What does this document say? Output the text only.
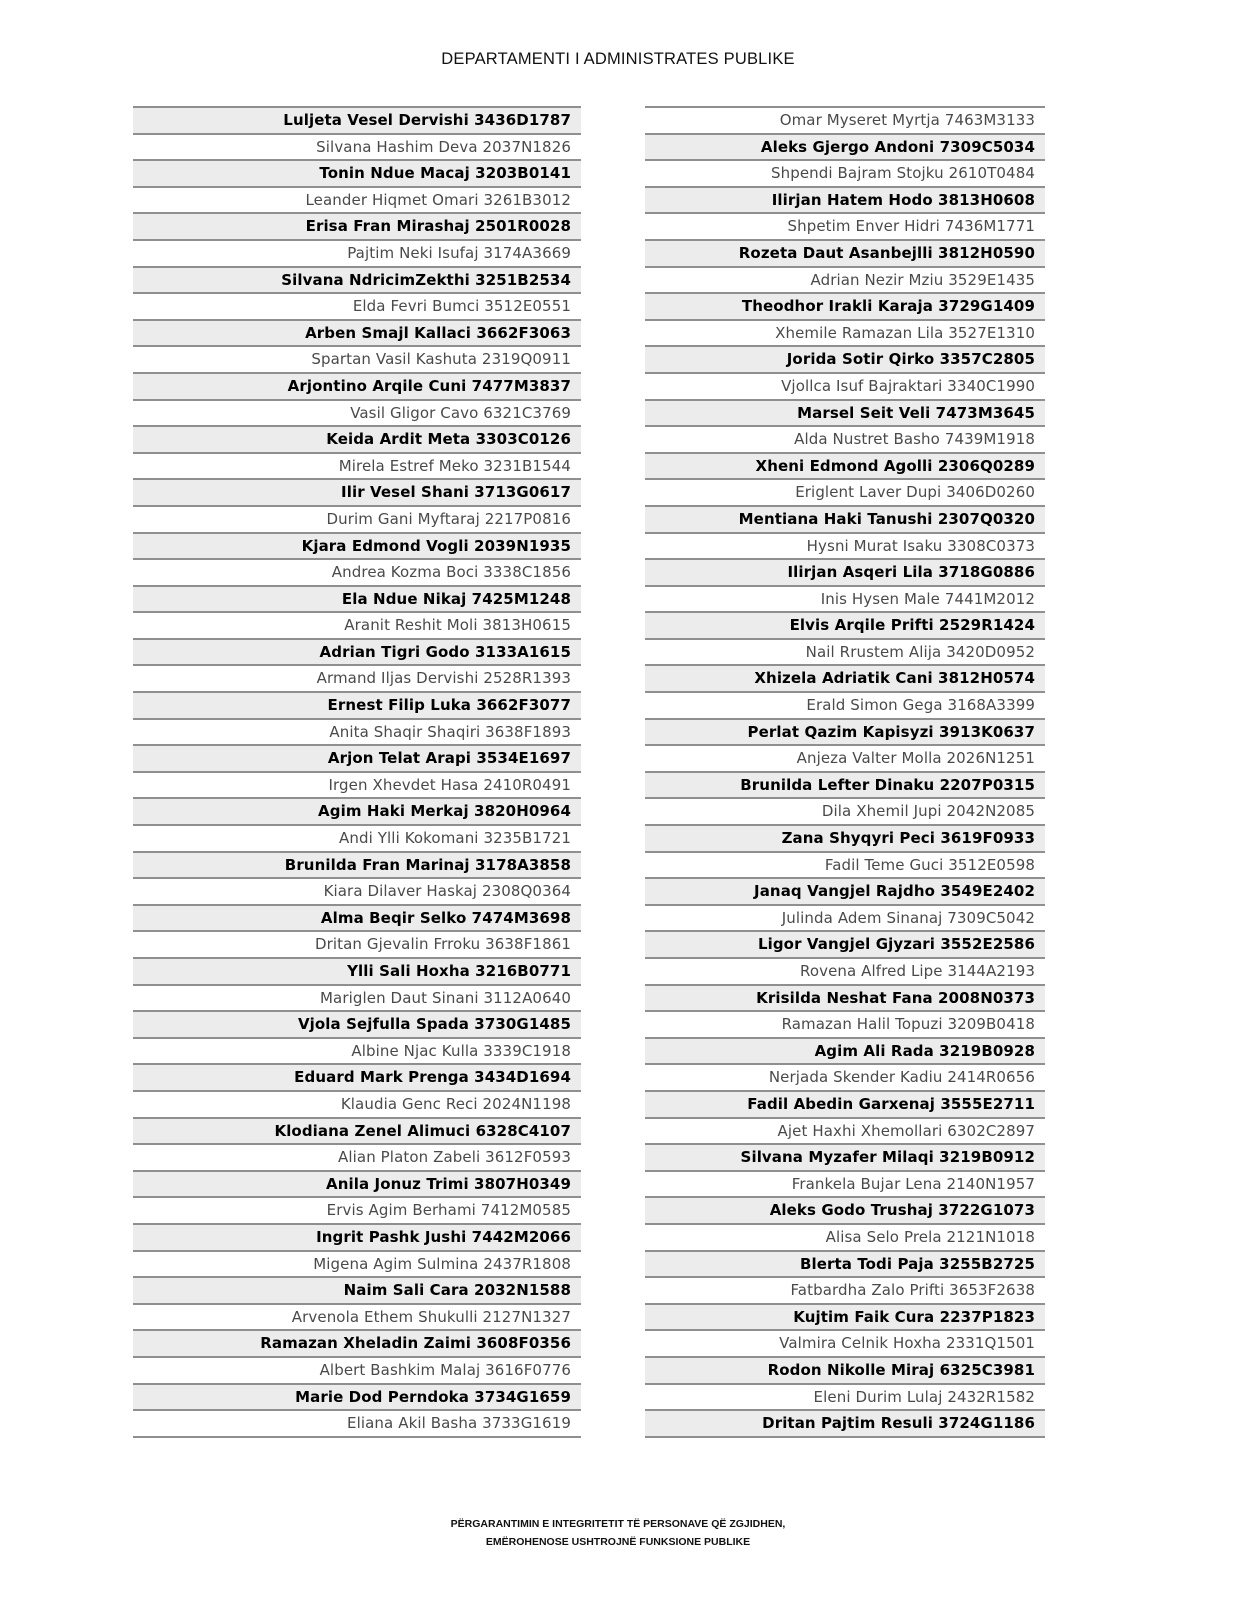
DEPARTAMENTI I ADMINISTRATES PUBLIKE
Luljeta Vesel Dervishi 3436D1787
Silvana Hashim Deva 2037N1826
Tonin Ndue Macaj 3203B0141
Leander Hiqmet Omari 3261B3012
Erisa Fran Mirashaj 2501R0028
Pajtim Neki Isufaj 3174A3669
Silvana NdricimZekthi 3251B2534
Elda Fevri Bumci 3512E0551
Arben Smajl Kallaci 3662F3063
Spartan Vasil Kashuta 2319Q0911
Arjontino Arqile Cuni 7477M3837
Vasil Gligor Cavo 6321C3769
Keida Ardit Meta 3303C0126
Mirela Estref Meko 3231B1544
Ilir Vesel Shani 3713G0617
Durim Gani Myftaraj 2217P0816
Kjara Edmond Vogli 2039N1935
Andrea Kozma Boci 3338C1856
Ela Ndue Nikaj 7425M1248
Aranit Reshit Moli 3813H0615
Adrian Tigri Godo 3133A1615
Armand Iljas Dervishi 2528R1393
Ernest Filip Luka 3662F3077
Anita Shaqir Shaqiri 3638F1893
Arjon Telat Arapi 3534E1697
Irgen Xhevdet Hasa 2410R0491
Agim Haki Merkaj 3820H0964
Andi Ylli Kokomani 3235B1721
Brunilda Fran Marinaj 3178A3858
Kiara Dilaver Haskaj 2308Q0364
Alma Beqir Selko 7474M3698
Dritan Gjevalin Frroku 3638F1861
Ylli Sali Hoxha 3216B0771
Mariglen Daut Sinani 3112A0640
Vjola Sejfulla Spada 3730G1485
Albine Njac Kulla 3339C1918
Eduard Mark Prenga 3434D1694
Klaudia Genc Reci 2024N1198
Klodiana Zenel Alimuci 6328C4107
Alian Platon Zabeli 3612F0593
Anila Jonuz Trimi 3807H0349
Ervis Agim Berhami 7412M0585
Ingrit Pashk Jushi 7442M2066
Migena Agim Sulmina 2437R1808
Naim Sali Cara 2032N1588
Arvenola Ethem Shukulli 2127N1327
Ramazan Xheladin Zaimi 3608F0356
Albert Bashkim Malaj 3616F0776
Marie Dod Perndoka 3734G1659
Eliana Akil Basha 3733G1619
Omar Myseret Myrtja 7463M3133
Aleks Gjergo Andoni 7309C5034
Shpendi Bajram Stojku 2610T0484
Ilirjan Hatem Hodo 3813H0608
Shpetim Enver Hidri 7436M1771
Rozeta Daut Asanbejlli 3812H0590
Adrian Nezir Mziu 3529E1435
Theodhor Irakli Karaja 3729G1409
Xhemile Ramazan Lila 3527E1310
Jorida Sotir Qirko 3357C2805
Vjollca Isuf Bajraktari 3340C1990
Marsel Seit Veli 7473M3645
Alda Nustret Basho 7439M1918
Xheni Edmond Agolli 2306Q0289
Eriglent Laver Dupi 3406D0260
Mentiana Haki Tanushi 2307Q0320
Hysni Murat Isaku 3308C0373
Ilirjan Asqeri Lila 3718G0886
Inis Hysen Male 7441M2012
Elvis Arqile Prifti 2529R1424
Nail Rrustem Alija 3420D0952
Xhizela Adriatik Cani 3812H0574
Erald Simon Gega 3168A3399
Perlat Qazim Kapisyzi 3913K0637
Anjeza Valter Molla 2026N1251
Brunilda Lefter Dinaku 2207P0315
Dila Xhemil Jupi 2042N2085
Zana Shyqyri Peci 3619F0933
Fadil Teme Guci 3512E0598
Janaq Vangjel Rajdho 3549E2402
Julinda Adem Sinanaj 7309C5042
Ligor Vangjel Gjyzari 3552E2586
Rovena Alfred Lipe 3144A2193
Krisilda Neshat Fana 2008N0373
Ramazan Halil Topuzi 3209B0418
Agim Ali Rada 3219B0928
Nerjada Skender Kadiu 2414R0656
Fadil Abedin Garxenaj 3555E2711
Ajet Haxhi Xhemollari 6302C2897
Silvana Myzafer Milaqi 3219B0912
Frankela Bujar Lena 2140N1957
Aleks Godo Trushaj 3722G1073
Alisa Selo Prela 2121N1018
Blerta Todi Paja 3255B2725
Fatbardha Zalo Prifti 3653F2638
Kujtim Faik Cura 2237P1823
Valmira Celnik Hoxha 2331Q1501
Rodon Nikolle Miraj 6325C3981
Eleni Durim Lulaj 2432R1582
Dritan Pajtim Resuli 3724G1186
PËRGARANTIMIN E INTEGRITETIT TË PERSONAVE QË ZGJIDHEN,
EMËROHENOSE USHTROJNË FUNKSIONE PUBLIKE
